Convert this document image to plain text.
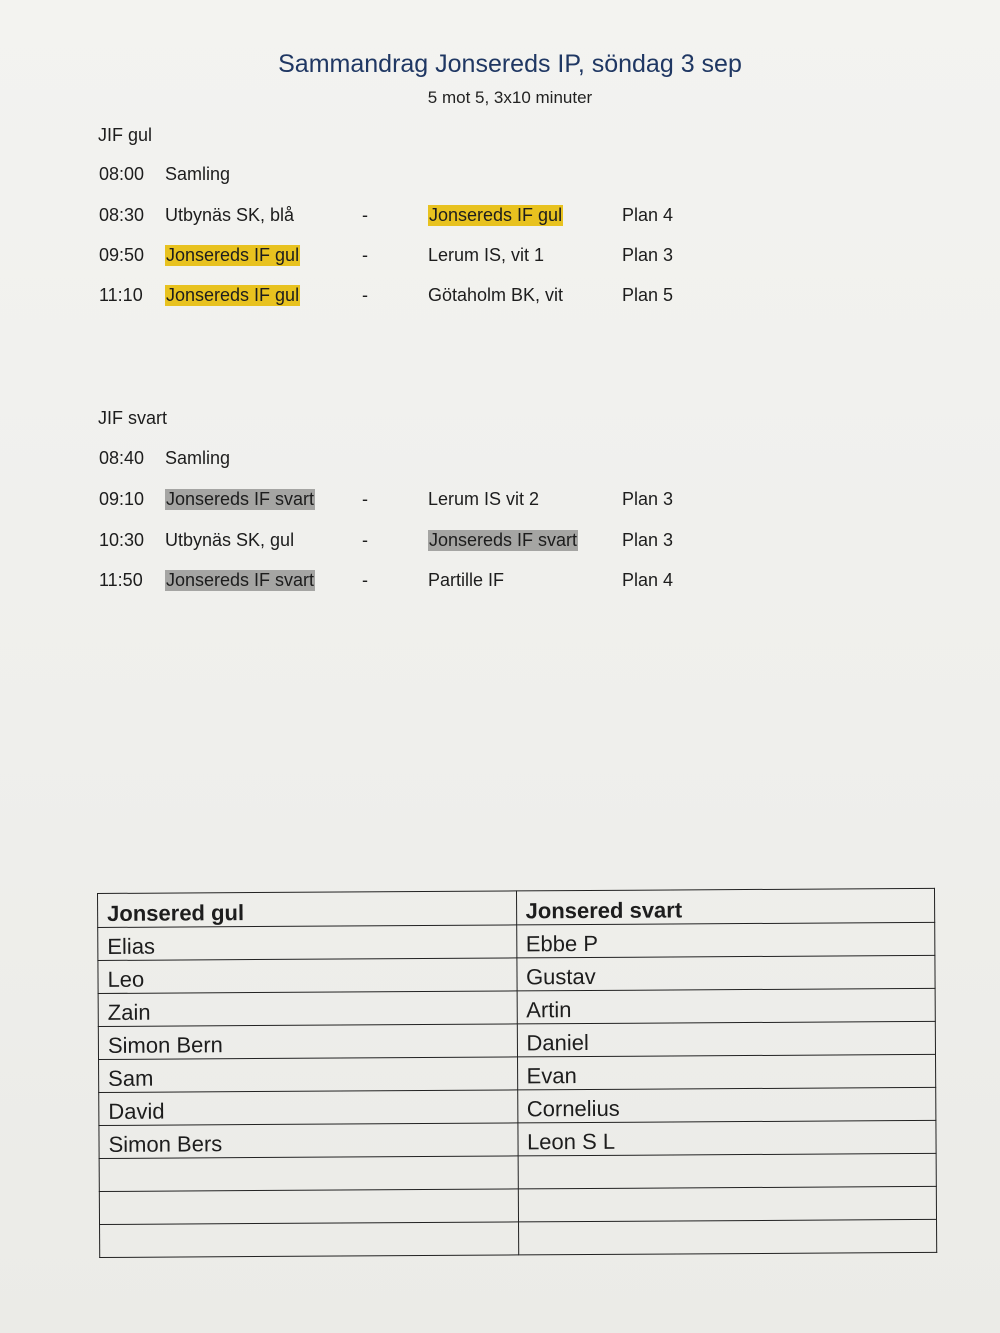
Sammandrag Jonsereds IP, söndag 3 sep
5 mot 5, 3x10 minuter
JIF gul
08:00 Samling
08:30 Utbynäs SK, blå	-	Jonsereds IF gul	Plan 4
09:50 Jonsereds IF gul	-	Lerum IS, vit 1	Plan 3
11:10 Jonsereds IF gul	-	Götaholm BK, vit	Plan 5
JIF svart
08:40 Samling
09:10 Jonsereds IF svart	-	Lerum IS vit 2	Plan 3
10:30 Utbynäs SK, gul	-	Jonsereds IF svart Plan 3
11:50 Jonsereds IF svart	-	Partille IF	Plan 4
Jonsered gul	Jonsered svart
Elias	Ebbe P
Leo	Gustav
Zain	Artin
Simon Bern	Daniel
Sam	Evan
David	Cornelius
Simon Bers	Leon S L
